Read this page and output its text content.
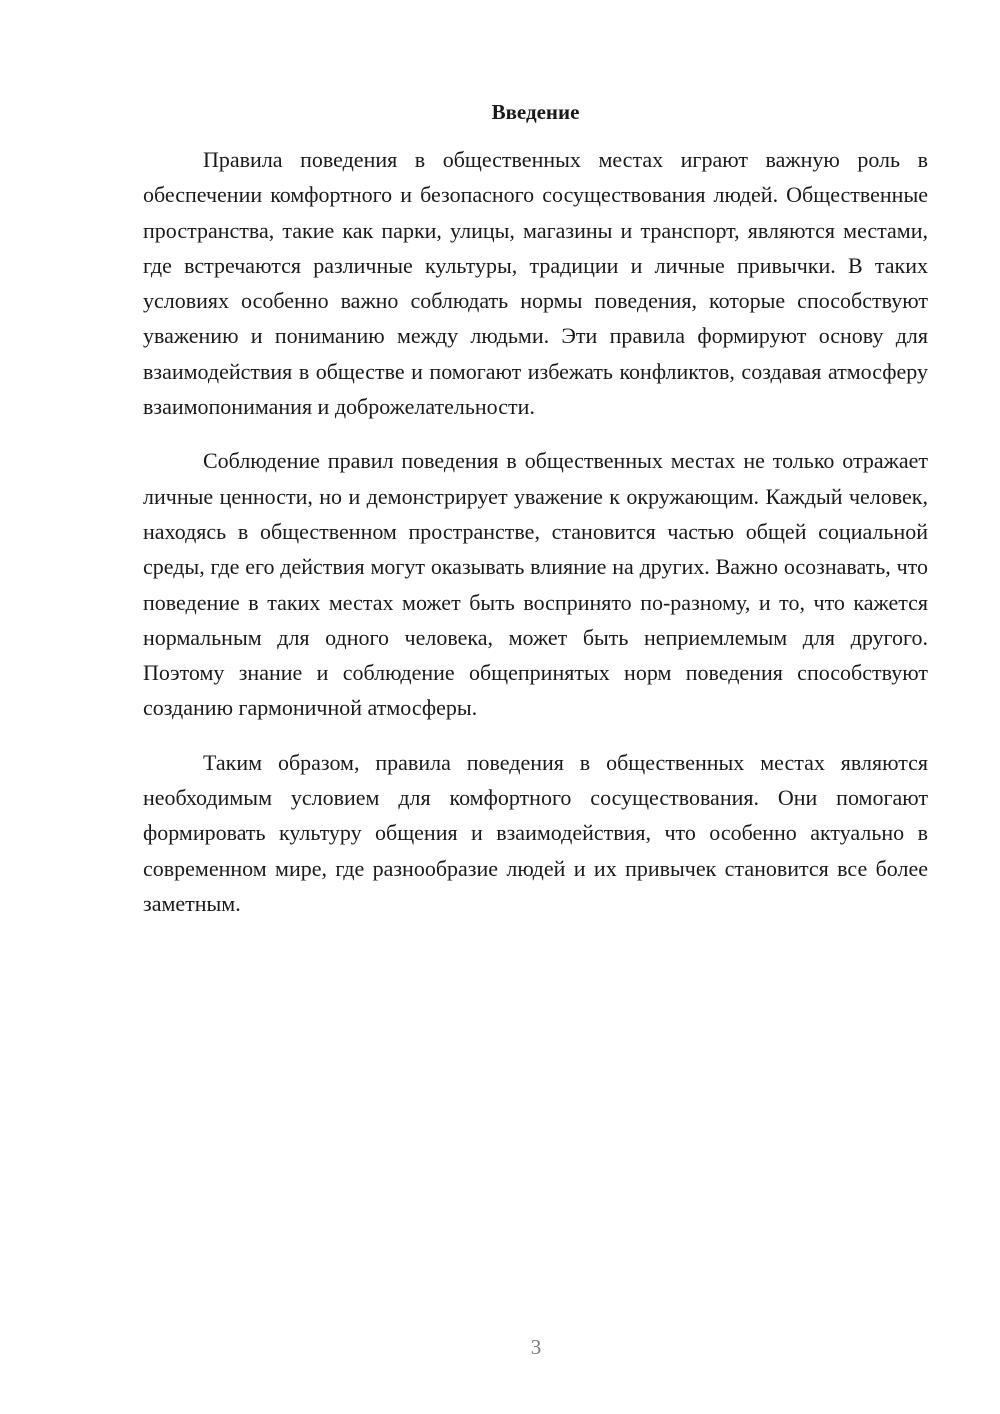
Введение

Правила поведения в общественных местах играют важную роль в обеспечении комфортного и безопасного сосуществования людей. Общественные пространства, такие как парки, улицы, магазины и транспорт, являются местами, где встречаются различные культуры, традиции и личные привычки. В таких условиях особенно важно соблюдать нормы поведения, которые способствуют уважению и пониманию между людьми. Эти правила формируют основу для взаимодействия в обществе и помогают избежать конфликтов, создавая атмосферу взаимопонимания и доброжелательности.

Соблюдение правил поведения в общественных местах не только отражает личные ценности, но и демонстрирует уважение к окружающим. Каждый человек, находясь в общественном пространстве, становится частью общей социальной среды, где его действия могут оказывать влияние на других. Важно осознавать, что поведение в таких местах может быть воспринято по-разному, и то, что кажется нормальным для одного человека, может быть неприемлемым для другого. Поэтому знание и соблюдение общепринятых норм поведения способствуют созданию гармоничной атмосферы.

Таким образом, правила поведения в общественных местах являются необходимым условием для комфортного сосуществования. Они помогают формировать культуру общения и взаимодействия, что особенно актуально в современном мире, где разнообразие людей и их привычек становится все более заметным.

3
